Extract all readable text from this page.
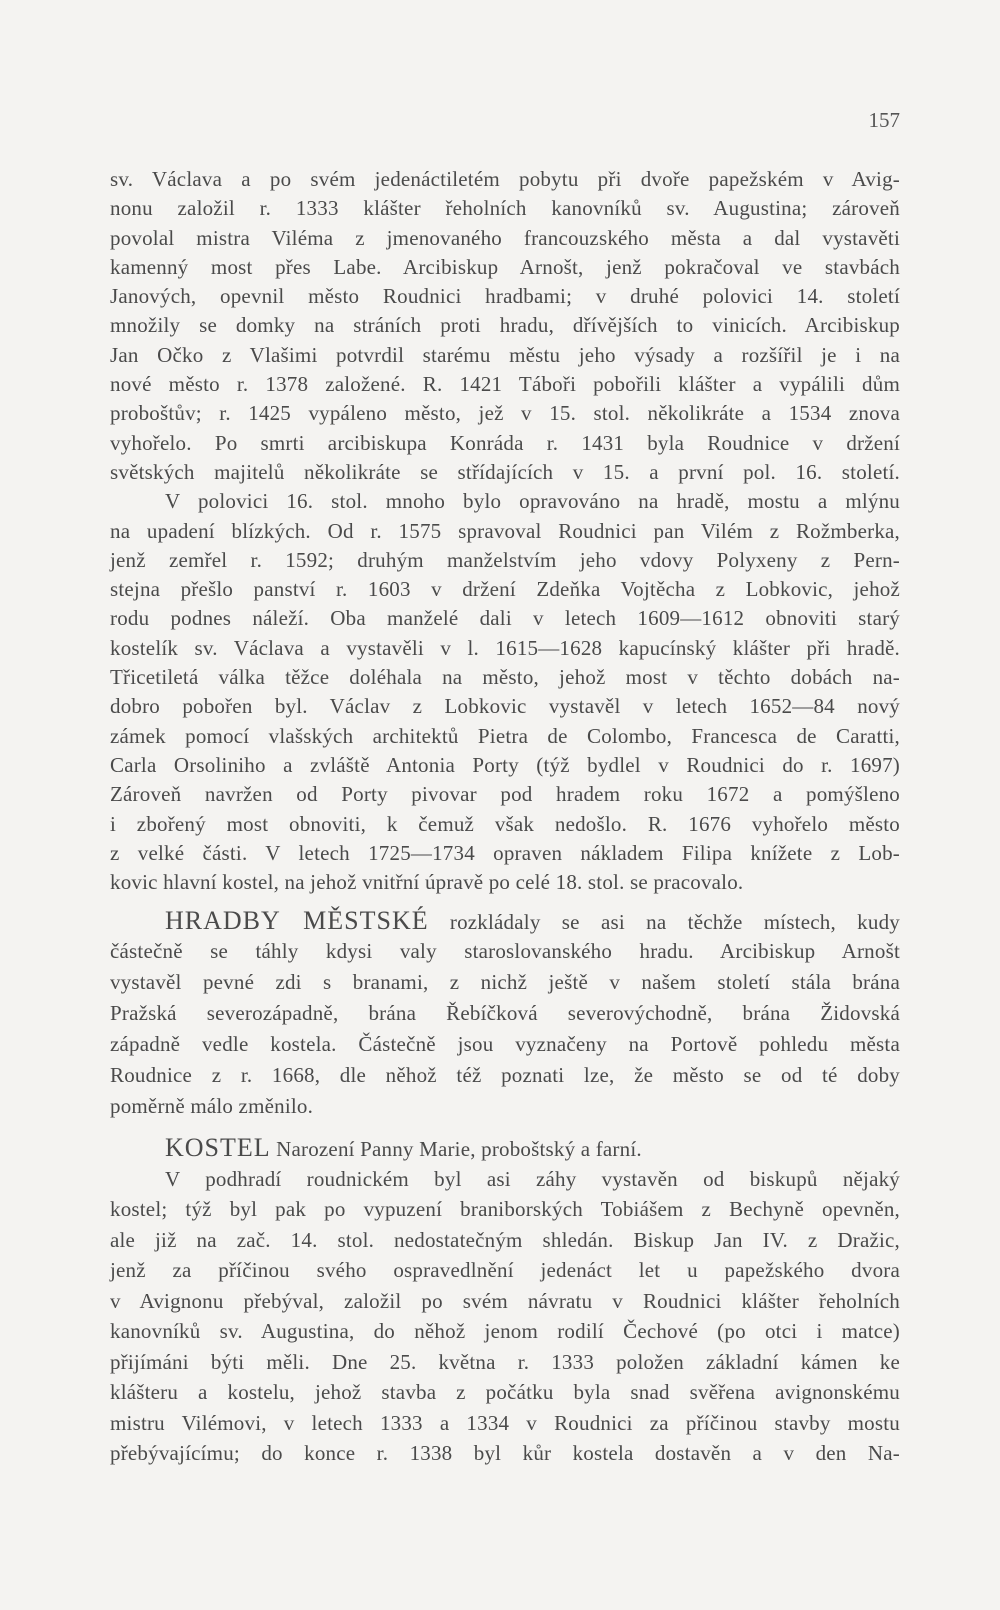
157
sv. Václava a po svém jedenáctiletém pobytu při dvoře papežském v Avig-
nonu založil r. 1333 klášter řeholních kanovníků sv. Augustina; zároveň
povolal mistra Viléma z jmenovaného francouzského města a dal vystavěti
kamenný most přes Labe. Arcibiskup Arnošt, jenž pokračoval ve stavbách
Janových, opevnil město Roudnici hradbami; v druhé polovici 14. století
množily se domky na stráních proti hradu, dřívějších to vinicích. Arcibiskup
Jan Očko z Vlašimi potvrdil starému městu jeho výsady a rozšířil je i na
nové město r. 1378 založené. R. 1421 Táboři pobořili klášter a vypálili dům
proboštův; r. 1425 vypáleno město, jež v 15. stol. několikráte a 1534 znova
vyhořelo. Po smrti arcibiskupa Konráda r. 1431 byla Roudnice v držení
světských majitelů několikráte se střídajících v 15. a první pol. 16. století.
V polovici 16. stol. mnoho bylo opravováno na hradě, mostu a mlýnu
na upadení blízkých. Od r. 1575 spravoval Roudnici pan Vilém z Rožmberka,
jenž zemřel r. 1592; druhým manželstvím jeho vdovy Polyxeny z Pern-
stejna přešlo panství r. 1603 v držení Zdeňka Vojtěcha z Lobkovic, jehož
rodu podnes náleží. Oba manželé dali v letech 1609—1612 obnoviti starý
kostelík sv. Václava a vystavěli v l. 1615—1628 kapucínský klášter při hradě.
Třicetiletá válka těžce doléhala na město, jehož most v těchto dobách na-
dobro pobořen byl. Václav z Lobkovic vystavěl v letech 1652—84 nový
zámek pomocí vlašských architektů Pietra de Colombo, Francesca de Caratti,
Carla Orsoliniho a zvláště Antonia Porty (týž bydlel v Roudnici do r. 1697)
Zároveň navržen od Porty pivovar pod hradem roku 1672 a pomýšleno
i zbořený most obnoviti, k čemuž však nedošlo. R. 1676 vyhořelo město
z velké části. V letech 1725—1734 opraven nákladem Filipa knížete z Lob-
kovic hlavní kostel, na jehož vnitřní úpravě po celé 18. stol. se pracovalo.
HRADBY MĚSTSKÉ rozkládaly se asi na těchže místech, kudy
částečně se táhly kdysi valy staroslovanského hradu. Arcibiskup Arnošt
vystavěl pevné zdi s branami, z nichž ještě v našem století stála brána
Pražská severozápadně, brána Řebíčková severovýchodně, brána Židovská
západně vedle kostela. Částečně jsou vyznačeny na Portově pohledu města
Roudnice z r. 1668, dle něhož též poznati lze, že město se od té doby
poměrně málo změnilo.
KOSTEL Narození Panny Marie, proboštský a farní.
V podhradí roudnickém byl asi záhy vystavěn od biskupů nějaký
kostel; týž byl pak po vypuzení braniborských Tobiášem z Bechyně opevněn,
ale již na zač. 14. stol. nedostatečným shledán. Biskup Jan IV. z Dražic,
jenž za příčinou svého ospravedlnění jedenáct let u papežského dvora
v Avignonu přebýval, založil po svém návratu v Roudnici klášter řeholních
kanovníků sv. Augustina, do něhož jenom rodilí Čechové (po otci i matce)
přijímáni býti měli. Dne 25. května r. 1333 položen základní kámen ke
klášteru a kostelu, jehož stavba z počátku byla snad svěřena avignonskému
mistru Vilémovi, v letech 1333 a 1334 v Roudnici za příčinou stavby mostu
přebývajícímu; do konce r. 1338 byl kůr kostela dostavěn a v den Na-
